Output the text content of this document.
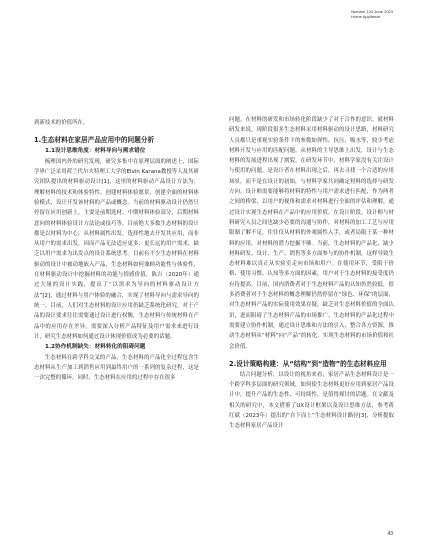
Number 124 June 2023
Home Appliance

到新技术的价值所在。

1.生态材料在家居产品应用中的问题分析
1.1设计思维角度：材料导向与需求错位

梳理国内外的研究发现，研究多集中在原理层面的阐述上，国际学界广泛采用荷兰代尔夫特理工大学的Elvin Karana教授等人及其研究团队提出的材料驱动设计[1]，这里的材料驱动产品设计方法为：理解材料的技术和体验特性、创建材料体验愿景、创建全面的材料体验模式、设计开发该材料的产品或概念。当前的材料驱动设计仍然只停留在应用创新上，主要是前期选材、中期材料体验部分、后期材料意向的材料体验设计方法论或技巧等，目前绝大多数生态材料的设计都是以材料为中心，从材料属性出发，选择性地去开发其应用，而非从用户的需求出发，因而产品无法适应更多、更长远的用户需求，缺乏以用户需求为出发点的设计系统思考。目前有不少生态材料在材料驱动的设计中被动地嵌入产品，生态材料如何兼顾功能性与体验性，在材料驱动设计中挖掘材料的功能与情感价值，陈吉（2020年）通过大量的设计实践，提出了“以需求为导向的材料驱动设计方法”[2]，通过材料与用户体验的融合，实现了材料导向与需求导向的统一。目前，人们对生态材料的设计应用仍缺乏系统化研究，对于产品的设计要求往往需要通过设计进行权衡，生态材料与传统材料在产品中的应用存在差异，需要深入分析产品特征及用户需求来进行设计，研究生态材料如何通过设计体现价值成为必要的话题。

1.2协作机制缺失：材料转化的阻碍问题

生态材料在跨学科交叉的产品、生态材料的产品化全过程包含生态材料从生产加工到销售应用到最终用户的一系列的复杂过程，这是一次完整的循环。同时，生态材料在应用的过程中存在很多

问题。在材料的研发和市场转化阶段缺少了对于合作的意识。就材料研发来说，现阶段很多生态材料采用材料驱动的设计思路，材料研究人员都只是重视实验条件下的参数如弹性、抗压、吸水等，较少考虑材料开发与应用的匹配问题。从材料的主导思维上出发，设计与生态材料的发展进程出现了割裂。在研发环节中，材料学家没有关注设计与使用的问题，是设计者在材料出现之后，再去寻找一个合适的应用场景，而不是在设计的初始，与材料学家共同确定材料的选择与研发方向。设计师需要能够将材料的特性与用户需求进行匹配，作为两者之间的桥梁，以用户的视角和需求对材料进行全面的评估和理解，通过设计实现生态材料在产品中的应用价值。在设计阶段，设计师与材料研究人员之间也缺少必要的沟通与协作，对材料的加工工艺与应用限制了解不足，往往仅从材料的外观属性入手，或者局限于某一种材料的应用，对材料的潜力挖掘不够。当前，生态材料的产品化，缺少材料研发、设计、生产、销售等多方面参与的协作机制，这样导致生态材料难以真正从实验室走向市场和用户。在使用环节，受限于价格、使用习惯、认知等多方面的因素，用户对于生态材料的接受度仍有待提高。目前，国内消费者对于生态材料产品的认知仍然较低，很多消费者对于生态材料的概念理解仍然停留在“绿色、环保”的层面，对生态材料产品的实际使用效果存疑，缺乏对生态材料价值的全面认识，进而阻碍了生态材料产品的市场推广。生态材料的产品化过程中需要建立协作机制，通过设计思维和方法的引入，整合各方资源，推动生态材料从“材料”向“产品”的转化，实现生态材料的市场价值和社会价值。

2.设计策略构建：从“结构”到“造物”的生态材料应用

结合问题分析，以设计的视角来看，家居产品生态材料设计是一个跨学科多层面的研究领域，如何使生态材料更好应用到家居产品设计中，提升产品的生态性、可持续性，是值得探讨的话题。在文献及相关的研究中，本文借鉴了UX设计框架以及设计思维方法，参考蒋红斌（2023年）提出的“自下而上”生态材料设计路径[3]，分析提取生态材料家居产品设计

43
